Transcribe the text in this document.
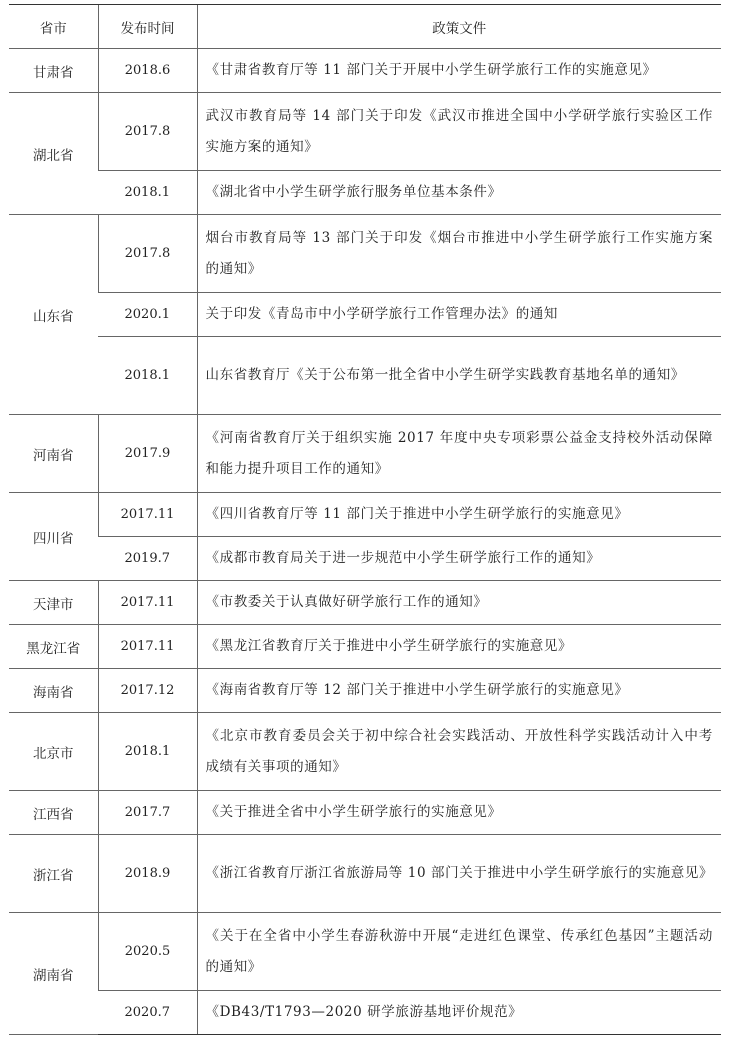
省市	发布时间	政策文件
甘肃省	2018.6	《甘肃省教育厅等 11 部门关于开展中小学生研学旅行工作的实施意见》
湖北省	2017.8	武汉市教育局等 14 部门关于印发《武汉市推进全国中小学研学旅行实验区工作实施方案的通知》
	2018.1	《湖北省中小学生研学旅行服务单位基本条件》
山东省	2017.8	烟台市教育局等 13 部门关于印发《烟台市推进中小学生研学旅行工作实施方案的通知》
	2020.1	关于印发《青岛市中小学研学旅行工作管理办法》的通知
	2018.1	山东省教育厅《关于公布第一批全省中小学生研学实践教育基地名单的通知》
河南省	2017.9	《河南省教育厅关于组织实施 2017 年度中央专项彩票公益金支持校外活动保障和能力提升项目工作的通知》
四川省	2017.11	《四川省教育厅等 11 部门关于推进中小学生研学旅行的实施意见》
	2019.7	《成都市教育局关于进一步规范中小学生研学旅行工作的通知》
天津市	2017.11	《市教委关于认真做好研学旅行工作的通知》
黑龙江省	2017.11	《黑龙江省教育厅关于推进中小学生研学旅行的实施意见》
海南省	2017.12	《海南省教育厅等 12 部门关于推进中小学生研学旅行的实施意见》
北京市	2018.1	《北京市教育委员会关于初中综合社会实践活动、开放性科学实践活动计入中考成绩有关事项的通知》
江西省	2017.7	《关于推进全省中小学生研学旅行的实施意见》
浙江省	2018.9	《浙江省教育厅浙江省旅游局等 10 部门关于推进中小学生研学旅行的实施意见》
湖南省	2020.5	《关于在全省中小学生春游秋游中开展“走进红色课堂、传承红色基因”主题活动的通知》
	2020.7	《DB43/T1793—2020 研学旅游基地评价规范》
